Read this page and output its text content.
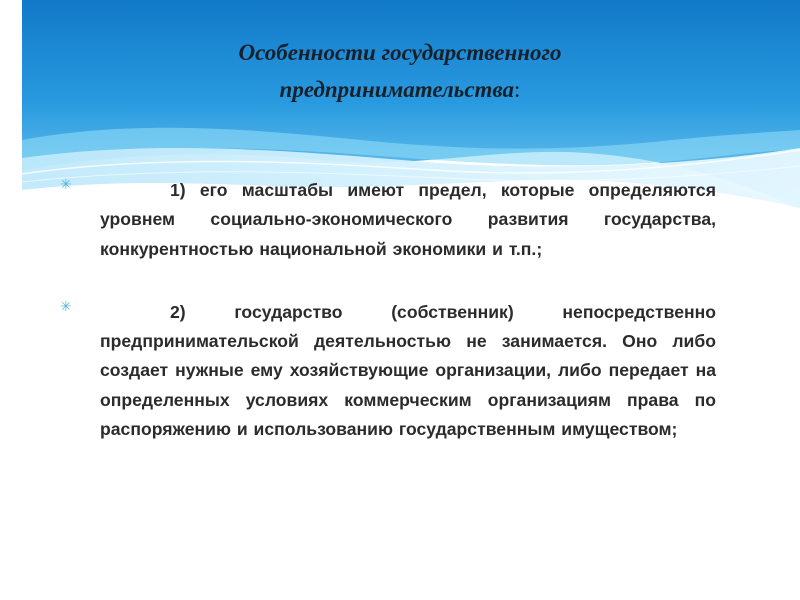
Особенности государственного
предпринимательства:
✳	1) его масштабы имеют предел, которые определяются уровнем социально-экономического развития государства, конкурентностью национальной экономики и т.п.;
✳	2) государство (собственник) непосредственно предпринимательской деятельностью не занимается. Оно либо создает нужные ему хозяйствующие организации, либо передает на определенных условиях коммерческим организациям права по распоряжению и использованию государственным имуществом;
